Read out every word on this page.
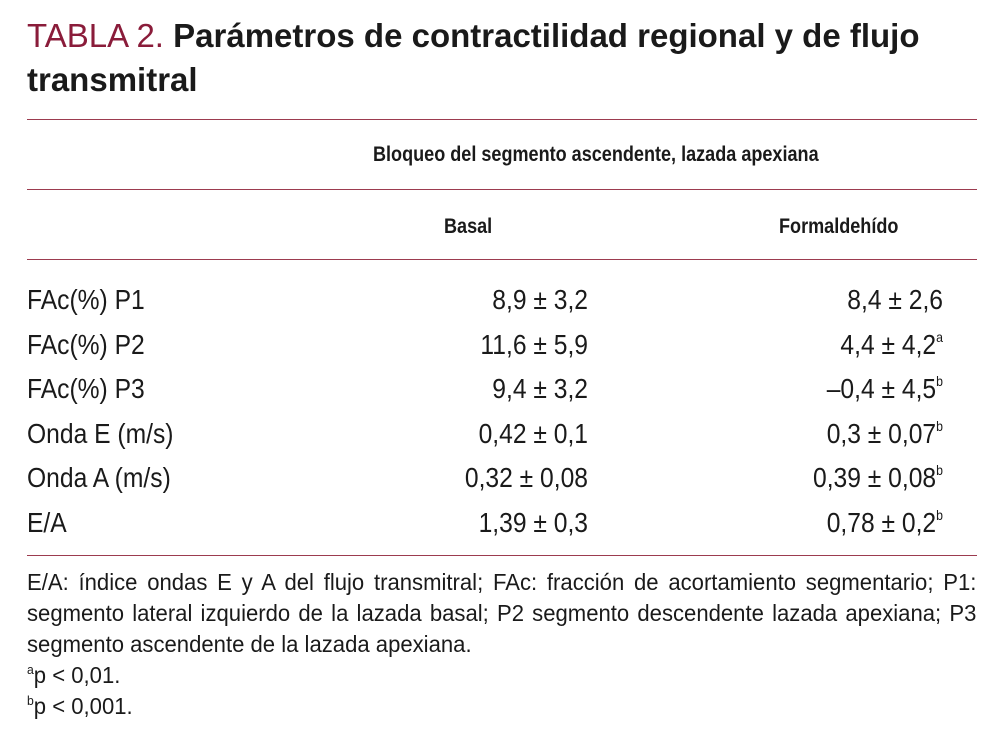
TABLA 2. Parámetros de contractilidad regional y de flujo transmitral
Bloqueo del segmento ascendente, lazada apexiana
Basal	Formaldehído
FAc(%) P1	8,9 ± 3,2	8,4 ± 2,6
FAc(%) P2	11,6 ± 5,9	4,4 ± 4,2$^a$
FAc(%) P3	9,4 ± 3,2	–0,4 ± 4,5$^b$
Onda E (m/s)	0,42 ± 0,1	0,3 ± 0,07$^b$
Onda A (m/s)	0,32 ± 0,08	0,39 ± 0,08$^b$
E/A	1,39 ± 0,3	0,78 ± 0,2$^b$

E/A: índice ondas E y A del flujo transmitral; FAc: fracción de acortamiento segmentario; P1: segmento lateral izquierdo de la lazada basal; P2 segmento descendente lazada apexiana; P3 segmento ascendente de la lazada apexiana.

$^a$p < 0,01.
$^b$p < 0,001.
